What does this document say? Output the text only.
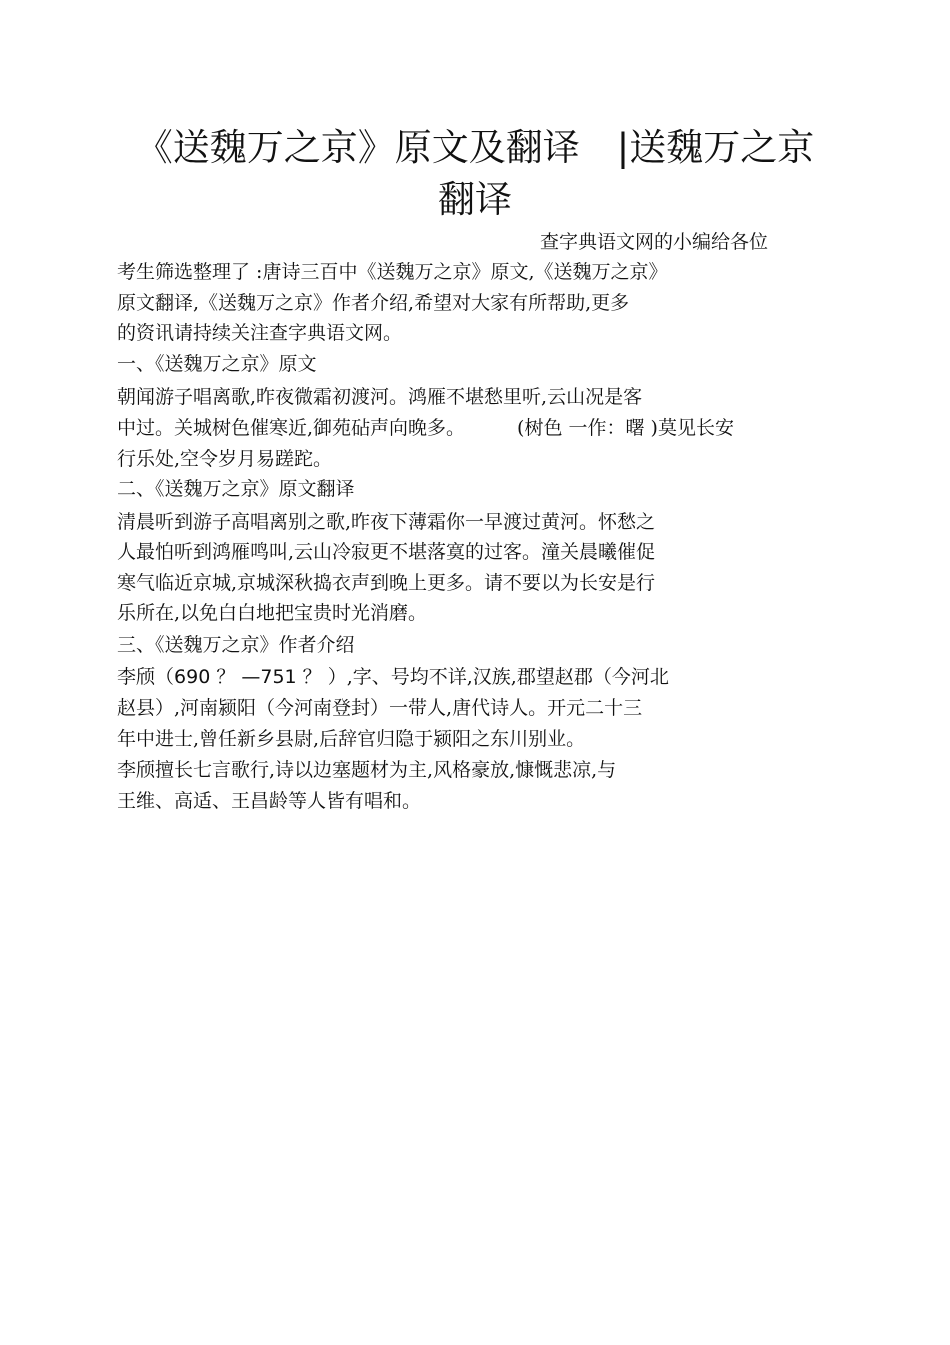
《送魏万之京》原文及翻译　|送魏万之京
翻译

查字典语文网的小编给各位

考生筛选整理了 :唐诗三百中《送魏万之京》原文,《送魏万之京》

原文翻译,《送魏万之京》作者介绍,希望对大家有所帮助,更多

的资讯请持续关注查字典语文网。

一、《送魏万之京》原文

朝闻游子唱离歌,昨夜微霜初渡河。鸿雁不堪愁里听,云山况是客

中过。关城树色催寒近,御苑砧声向晚多。	(树色 一作：曙 )莫见长安

行乐处,空令岁月易蹉跎。

二、《送魏万之京》原文翻译

清晨听到游子高唱离别之歌,昨夜下薄霜你一早渡过黄河。怀愁之

人最怕听到鸿雁鸣叫,云山冷寂更不堪落寞的过客。潼关晨曦催促

寒气临近京城,京城深秋捣衣声到晚上更多。请不要以为长安是行

乐所在,以免白白地把宝贵时光消磨。

三、《送魏万之京》作者介绍

李颀（690 ？ —751 ？ ）,字、号均不详,汉族,郡望赵郡（今河北

赵县）,河南颍阳（今河南登封）一带人,唐代诗人。开元二十三

年中进士,曾任新乡县尉,后辞官归隐于颍阳之东川别业。

李颀擅长七言歌行,诗以边塞题材为主,风格豪放,慷慨悲凉,与

王维、高适、王昌龄等人皆有唱和。
